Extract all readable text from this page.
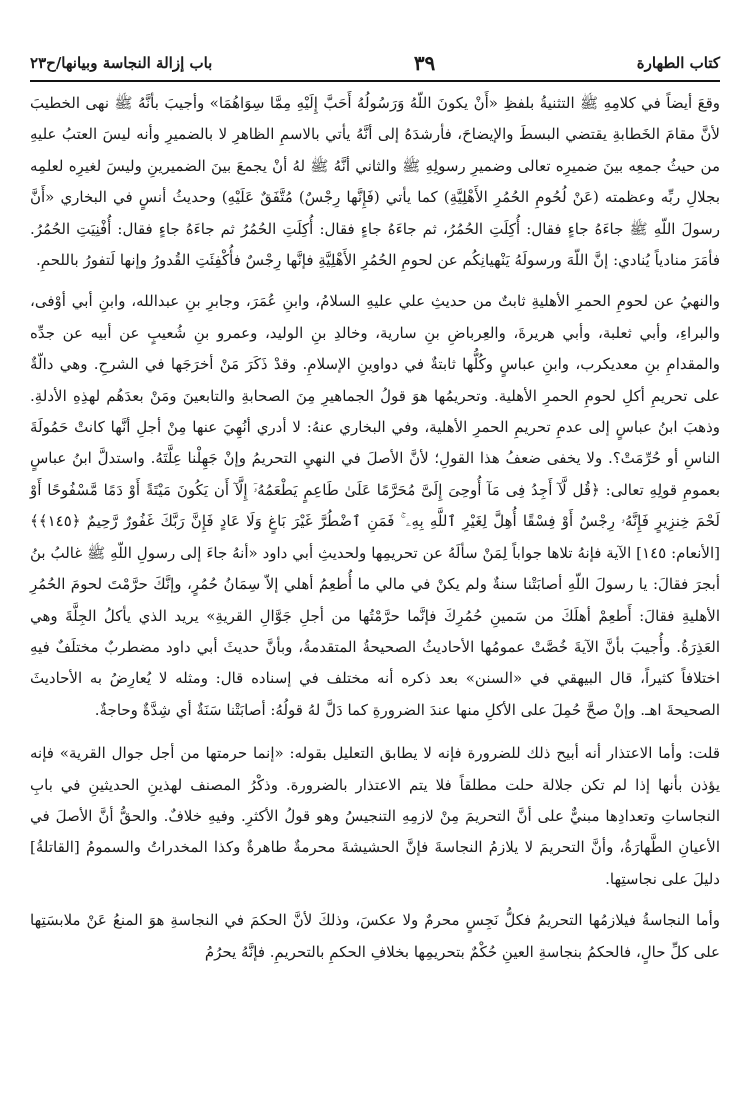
كتاب الطهارة
٣٩
باب إزالة النجاسة وبيانها/ح٢٣

وقعَ أيضاً في كلامِهِ ﷺ التثنيةُ بلفظِ «أَنْ يكونَ اللّهُ وَرَسُولُهُ أَحَبَّ إِلَيْهِ مِمَّا سِوَاهُمَا» وأجيبَ بأنَّهُ ﷺ نهى الخطيبَ لأنَّ مقامَ الخَطابةِ يقتضي البسطَ والإيضاحَ، فأرشدَهُ إلى أنَّهُ يأتي بالاسمِ الظاهرِ لا بالضميرِ وأنه ليسَ العتبُ عليهِ من حيثُ جمعِه بينَ ضميرِه تعالى وضميرِ رسولِهِ ﷺ والثاني أنَّهُ ﷺ لهُ أنْ يجمعَ بينَ الضميرينِ وليسَ لغيرِه لعلمِه بجلالِ ربِّه وعظمته (عَنْ لُحُومِ الحُمُرِ الأَهْلِيَّةِ) كما يأتي (فَإِنَّها رِجْسٌ) مُتَّفَقٌ عَلَيْهِ) وحديثُ أنسٍ في البخاري «أَنَّ رسولَ اللّهِ ﷺ جاءَهُ جاءٍ فقال: أُكِلَتِ الحُمُرُ، ثم جاءَهُ جاءٍ فقال: أُكِلَتِ الحُمُرُ ثم جاءَهُ جاءٍ فقال: أُفْنِيَتِ الحُمُرُ. فأمَرَ منادياً يُنادي: إنَّ اللّهَ ورسولَهُ يَنْهيانِكُم عن لحومِ الحُمُرِ الأَهْلِيَّةِ فإنَّها رِجْسٌ فأُكْفِئَتِ القُدورُ وإنها لَتفورُ باللحمِ.

والنهيُ عن لحومِ الحمرِ الأهليةِ ثابتٌ من حديثِ علي عليهِ السلامُ، وابنِ عُمَرَ، وجابرِ بنِ عبدالله، وابنِ أبي أوْفى، والبراءِ، وأبي ثعلبة، وأبي هريرةَ، والعِرباضِ بنِ سارية، وخالدِ بنِ الوليد، وعمرو بنِ شُعيبٍ عن أبيه عن جدِّه والمقدامِ بنِ معديكرب، وابنِ عباسٍ وكُلُّها ثابتةٌ في دواوينِ الإسلامِ. وقدْ ذَكَرَ مَنْ أخرَجَها في الشرحِ. وهي دالّةٌ على تحريمِ أكلِ لحومِ الحمرِ الأهلية. وتحريمُها هوَ قولُ الجماهيرِ مِنَ الصحابةِ والتابعينَ ومَنْ بعدَهُم لهذِهِ الأدلةِ. وذهبَ ابنُ عباسٍ إلى عدمِ تحريمِ الحمرِ الأهلية، وفي البخاري عنهُ: لا أدري أنُهِيَ عنها مِنْ أجلِ أنَّها كانتْ حَمُولَةَ الناسِ أو حُرِّمَتْ؟. ولا يخفى ضعفُ هذا القولِ؛ لأنَّ الأصلَ في النهيِ التحريمُ وإنْ جَهِلْنا عِلَّتَهُ. واستدلَّ ابنُ عباسٍ بعمومِ قولِهِ تعالى: ﴿قُل لَّآ أَجِدُ فِى مَآ أُوحِىَ إِلَىَّ مُحَرَّمًا عَلَىٰ طَاعِمٍ يَطْعَمُهُۥٓ إِلَّآ أَن يَكُونَ مَيْتَةً أَوْ دَمًا مَّسْفُوحًا أَوْ لَحْمَ خِنزِيرٍ فَإِنَّهُۥ رِجْسٌ أَوْ فِسْقًا أُهِلَّ لِغَيْرِ ٱللَّهِ بِهِۦ ۚ فَمَنِ ٱضْطُرَّ غَيْرَ بَاغٍ وَلَا عَادٍ فَإِنَّ رَبَّكَ غَفُورٌ رَّحِيمٌ ﴿١٤٥﴾﴾ [الأنعام: ١٤٥] الآية فإنهُ تلاها جواباً لِمَنْ سألَهُ عن تحريمِها ولحديثِ أبي داود «أنهُ جاءَ إلى رسولِ اللّهِ ﷺ غالبُ بنُ أبجرَ فقالَ: يا رسولَ اللّهِ أصابَتْنا سنةٌ ولم يكنْ في مالي ما أُطعِمُ أهلي إلاّ سِمَانُ حُمُرٍ، وإنَّكَ حرَّمْتَ لحومَ الحُمُرِ الأهليةِ فقالَ: أَطعِمْ أهلَكَ من سَمينِ حُمُرِكَ فإنَّما حرَّمْتُها من أجلِ جَوَّالِ القريةِ» يريد الذي يأكلُ الجِلَّةَ وهي العَذِرَةُ. وأُجيبَ بأنَّ الآيةَ خُصَّتْ عمومُها الأحاديثُ الصحيحةُ المتقدمةُ، وبأنَّ حديثَ أبي داود مضطربٌ مختلَفٌ فيهِ اختلافاً كثيراً، قال البيهقي في «السنن» بعد ذكره أنه مختلف في إسناده قال: ومثله لا يُعارِضُ به الأحاديثَ الصحيحةَ اهـ. وإنْ صحَّ حُمِلَ على الأكلِ منها عندَ الضرورةِ كما دَلَّ لهُ قولُهُ: أصابَتْنا سَنَةٌ أي شِدَّةٌ وحاجةٌ.

قلت: وأما الاعتذار أنه أبيح ذلك للضرورة فإنه لا يطابق التعليل بقوله: «إنما حرمتها من أجل جوال القرية» فإنه يؤذن بأنها إذا لم تكن جلالة حلت مطلقاً فلا يتم الاعتذار بالضرورة. وذكْرُ المصنف لهذينِ الحديثينِ في بابِ النجاساتِ وتعدادِها مبنيٌّ على أنَّ التحريمَ مِنْ لازمِهِ التنجيسُ وهو قولُ الأكثرِ. وفيهِ خلافٌ. والحقُّ أنَّ الأصلَ في الأعيانِ الطَّهارَةُ، وأنَّ التحريمَ لا يلازمُ النجاسةَ فإنَّ الحشيشةَ محرمةٌ طاهرةٌ وكذا المخدراتُ والسمومُ [القاتلةُ] دليلَ على نجاستِها.

وأما النجاسةُ فيلازمُها التحريمُ فكلُّ نَجِسٍ محرمٌ ولا عكسَ، وذلكَ لأنَّ الحكمَ في النجاسةِ هوَ المنعُ عَنْ ملابسَتِها على كلِّ حالٍ، فالحكمُ بنجاسةِ العينِ حُكْمٌ بتحريمِها بخلافِ الحكمِ بالتحريمِ. فإنَّهُ يحرُمُ
